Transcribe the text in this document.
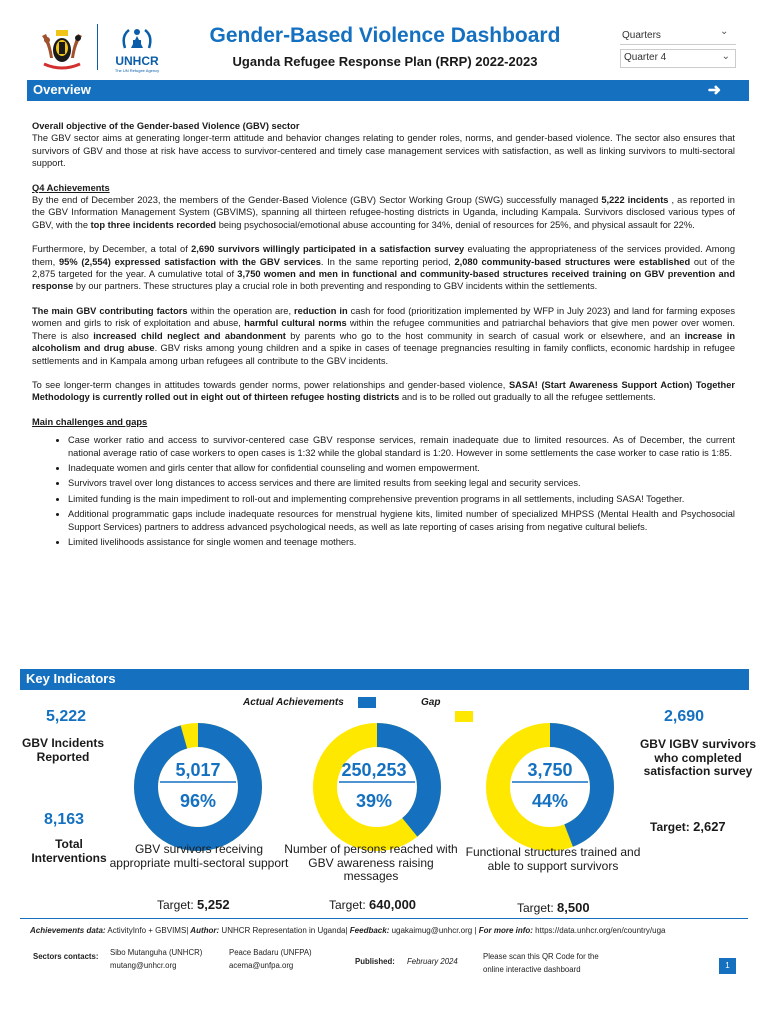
UNHCR
The UN Refugee Agency
Gender-Based Violence Dashboard
Uganda Refugee Response Plan (RRP) 2022-2023
Quarters	⌄
Quarter 4	⌄
Overview	➜

Overall objective of the Gender-based Violence (GBV) sector

The GBV sector aims at generating longer-term attitude and behavior changes relating to gender roles, norms, and gender-based violence. The sector also ensures that survivors of GBV and those at risk have access to survivor-centered and timely case management services with satisfaction, as well as linking survivors to multi-sectoral support.

Q4 Achievements

By the end of December 2023, the members of the Gender-Based Violence (GBV) Sector Working Group (SWG) successfully managed 5,222 incidents , as reported in the GBV Information Management System (GBVIMS), spanning all thirteen refugee-hosting districts in Uganda, including Kampala. Survivors disclosed various types of GBV, with the top three incidents recorded being psychosocial/emotional abuse accounting for 34%, denial of resources for 25%, and physical assault for 22%.

Furthermore, by December, a total of 2,690 survivors willingly participated in a satisfaction survey evaluating the appropriateness of the services provided. Among them, 95% (2,554) expressed satisfaction with the GBV services. In the same reporting period, 2,080 community-based structures were established out of the 2,875 targeted for the year. A cumulative total of 3,750 women and men in functional and community-based structures received training on GBV prevention and response by our partners. These structures play a crucial role in both preventing and responding to GBV incidents within the settlements.

The main GBV contributing factors within the operation are, reduction in cash for food (prioritization implemented by WFP in July 2023) and land for farming exposes women and girls to risk of exploitation and abuse, harmful cultural norms within the refugee communities and patriarchal behaviors that give men power over women. There is also increased child neglect and abandonment by parents who go to the host community in search of casual work or elsewhere, and an increase in alcoholism and drug abuse. GBV risks among young children and a spike in cases of teenage pregnancies resulting in family conflicts, economic hardship in refugee settlements and in Kampala among urban refugees all contribute to the GBV incidents.

To see longer-term changes in attitudes towards gender norms, power relationships and gender-based violence, SASA! (Start Awareness Support Action) Together Methodology is currently rolled out in eight out of thirteen refugee hosting districts and is to be rolled out gradually to all the refugee settlements.

Main challenges and gaps

• Case worker ratio and access to survivor-centered case GBV response services, remain inadequate due to limited resources. As of December, the current national average ratio of case workers to open cases is 1:32 while the global standard is 1:20. However in some settlements the case worker to case ratio is 1:85.
• Inadequate women and girls center that allow for confidential counseling and women empowerment.
• Survivors travel over long distances to access services and there are limited results from seeking legal and security services.
• Limited funding is the main impediment to roll-out and implementing comprehensive prevention programs in all settlements, including SASA! Together.
• Additional programmatic gaps include inadequate resources for menstrual hygiene kits, limited number of specialized MHPSS (Mental Health and Psychosocial Support Services) partners to address advanced psychological needs, as well as late reporting of cases arising from negative cultural beliefs.
• Limited livelihoods assistance for single women and teenage mothers.
Key Indicators
5,222
GBV Incidents Reported
8,163
Total Interventions
Actual Achievements	Gap
5,017
96%
250,253
39%
3,750
44%
GBV survivors receiving appropriate multi-sectoral support
Number of persons reached with GBV awareness raising messages
Functional structures trained and able to support survivors
Target: 5,252	Target: 640,000	Target: 8,500
2,690
GBV IGBV survivors who completed satisfaction survey
Target: 2,627
Achievements data: ActivityInfo + GBVIMS| Author: UNHCR Representation in Uganda| Feedback: ugakaimug@unhcr.org | For more info: https://data.unhcr.org/en/country/uga
Sectors contacts: Sibo Mutanguha (UNHCR)
mutang@unhcr.org
Peace Badaru (UNFPA)
acema@unfpa.org	Published: February 2024
Please scan this QR Code for the
online interactive dashboard	1
